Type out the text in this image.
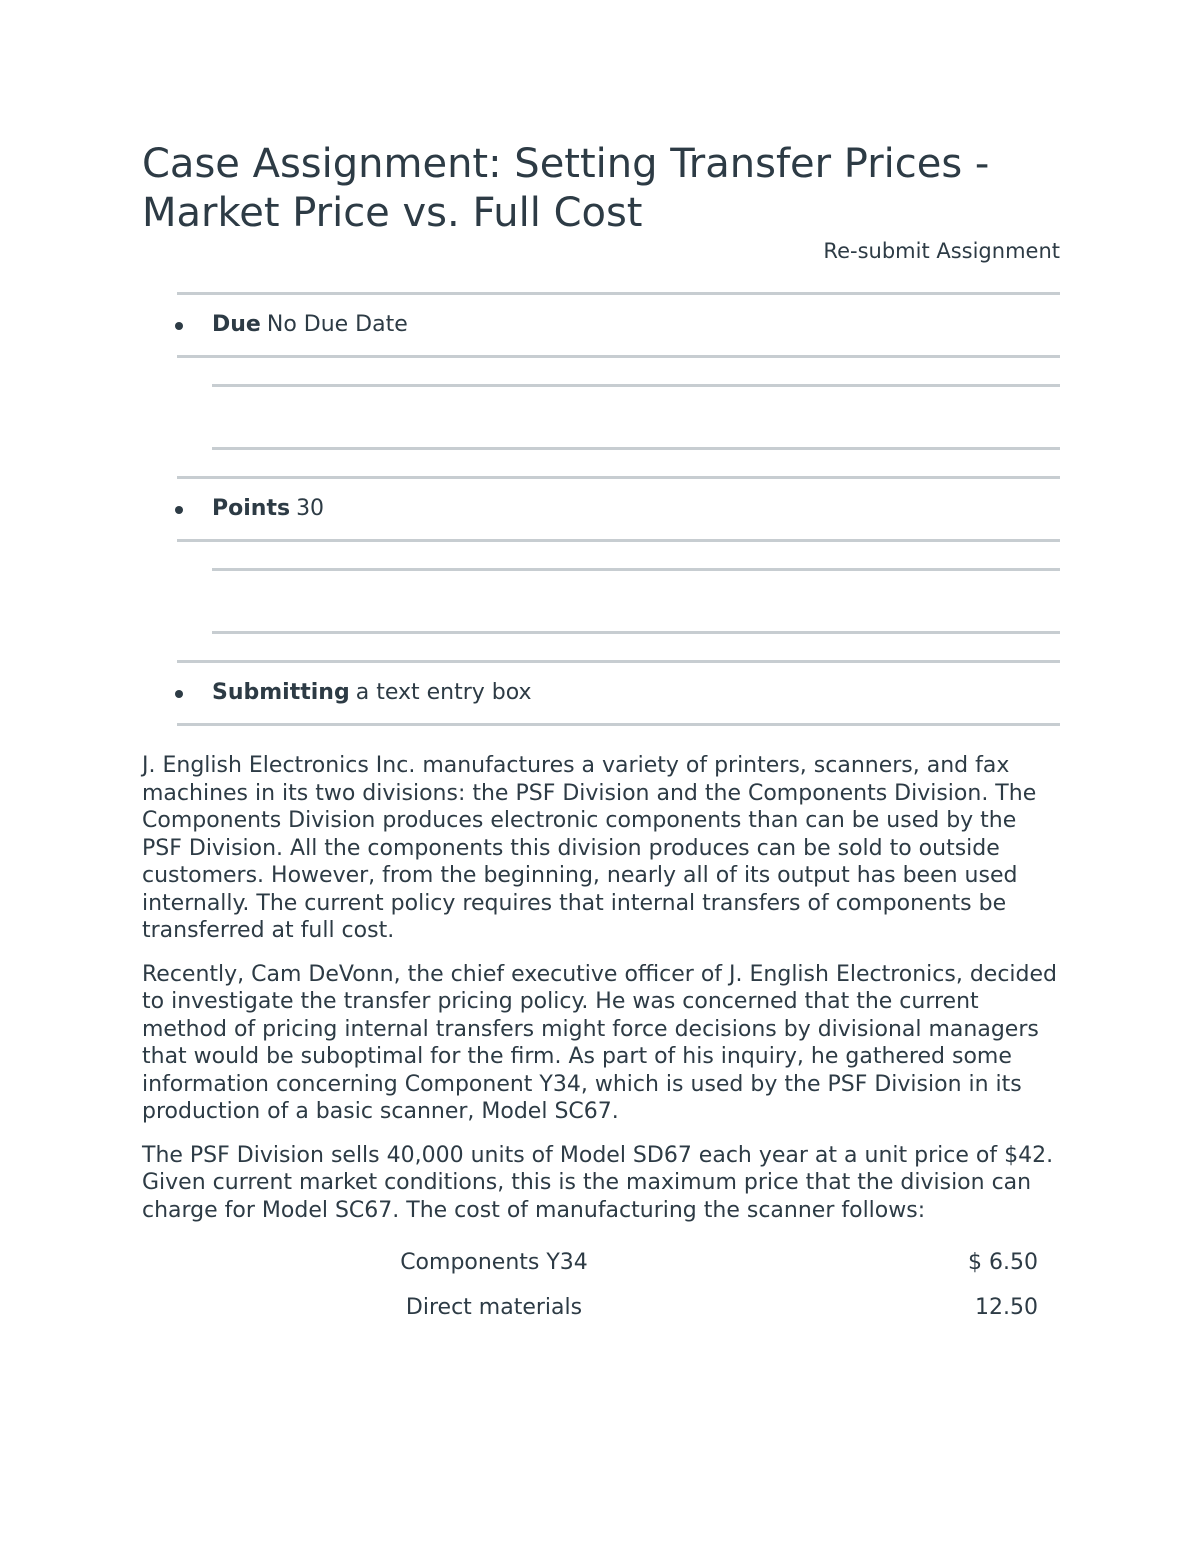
Case Assignment: Setting Transfer Prices -
Market Price vs. Full Cost
Re-submit Assignment
Due No Due Date
Points 30
Submitting a text entry box

J. English Electronics Inc. manufactures a variety of printers, scanners, and fax machines in its two divisions: the PSF Division and the Components Division. The Components Division produces electronic components than can be used by the PSF Division. All the components this division produces can be sold to outside customers. However, from the beginning, nearly all of its output has been used internally. The current policy requires that internal transfers of components be transferred at full cost.

Recently, Cam DeVonn, the chief executive officer of J. English Electronics, decided to investigate the transfer pricing policy. He was concerned that the current method of pricing internal transfers might force decisions by divisional managers that would be suboptimal for the firm. As part of his inquiry, he gathered some information concerning Component Y34, which is used by the PSF Division in its production of a basic scanner, Model SC67.

The PSF Division sells 40,000 units of Model SD67 each year at a unit price of $42. Given current market conditions, this is the maximum price that the division can charge for Model SC67. The cost of manufacturing the scanner follows:

Components Y34	$ 6.50
Direct materials	12.50
